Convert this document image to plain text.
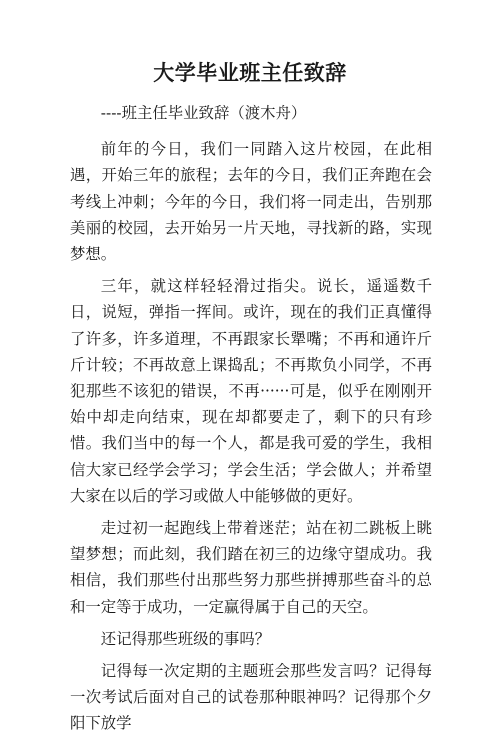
大学毕业班主任致辞

----班主任毕业致辞（渡木舟）

前年的今日，我们一同踏入这片校园，在此相遇，开始三年的旅程；去年的今日，我们正奔跑在会考线上冲刺；今年的今日，我们将一同走出，告别那美丽的校园，去开始另一片天地，寻找新的路，实现梦想。

三年，就这样轻轻滑过指尖。说长，遥遥数千日，说短，弹指一挥间。或许，现在的我们正真懂得了许多，许多道理，不再跟家长犟嘴；不再和通许斤斤计较；不再故意上课捣乱；不再欺负小同学，不再犯那些不该犯的错误，不再······可是，似乎在刚刚开始中却走向结束，现在却都要走了，剩下的只有珍惜。我们当中的每一个人，都是我可爱的学生，我相信大家已经学会学习；学会生活；学会做人；并希望大家在以后的学习或做人中能够做的更好。

走过初一起跑线上带着迷茫；站在初二跳板上眺望梦想；而此刻，我们踏在初三的边缘守望成功。我相信，我们那些付出那些努力那些拼搏那些奋斗的总和一定等于成功，一定赢得属于自己的天空。

还记得那些班级的事吗？

记得每一次定期的主题班会那些发言吗？记得每一次考试后面对自己的试卷那种眼神吗？记得那个夕阳下放学
